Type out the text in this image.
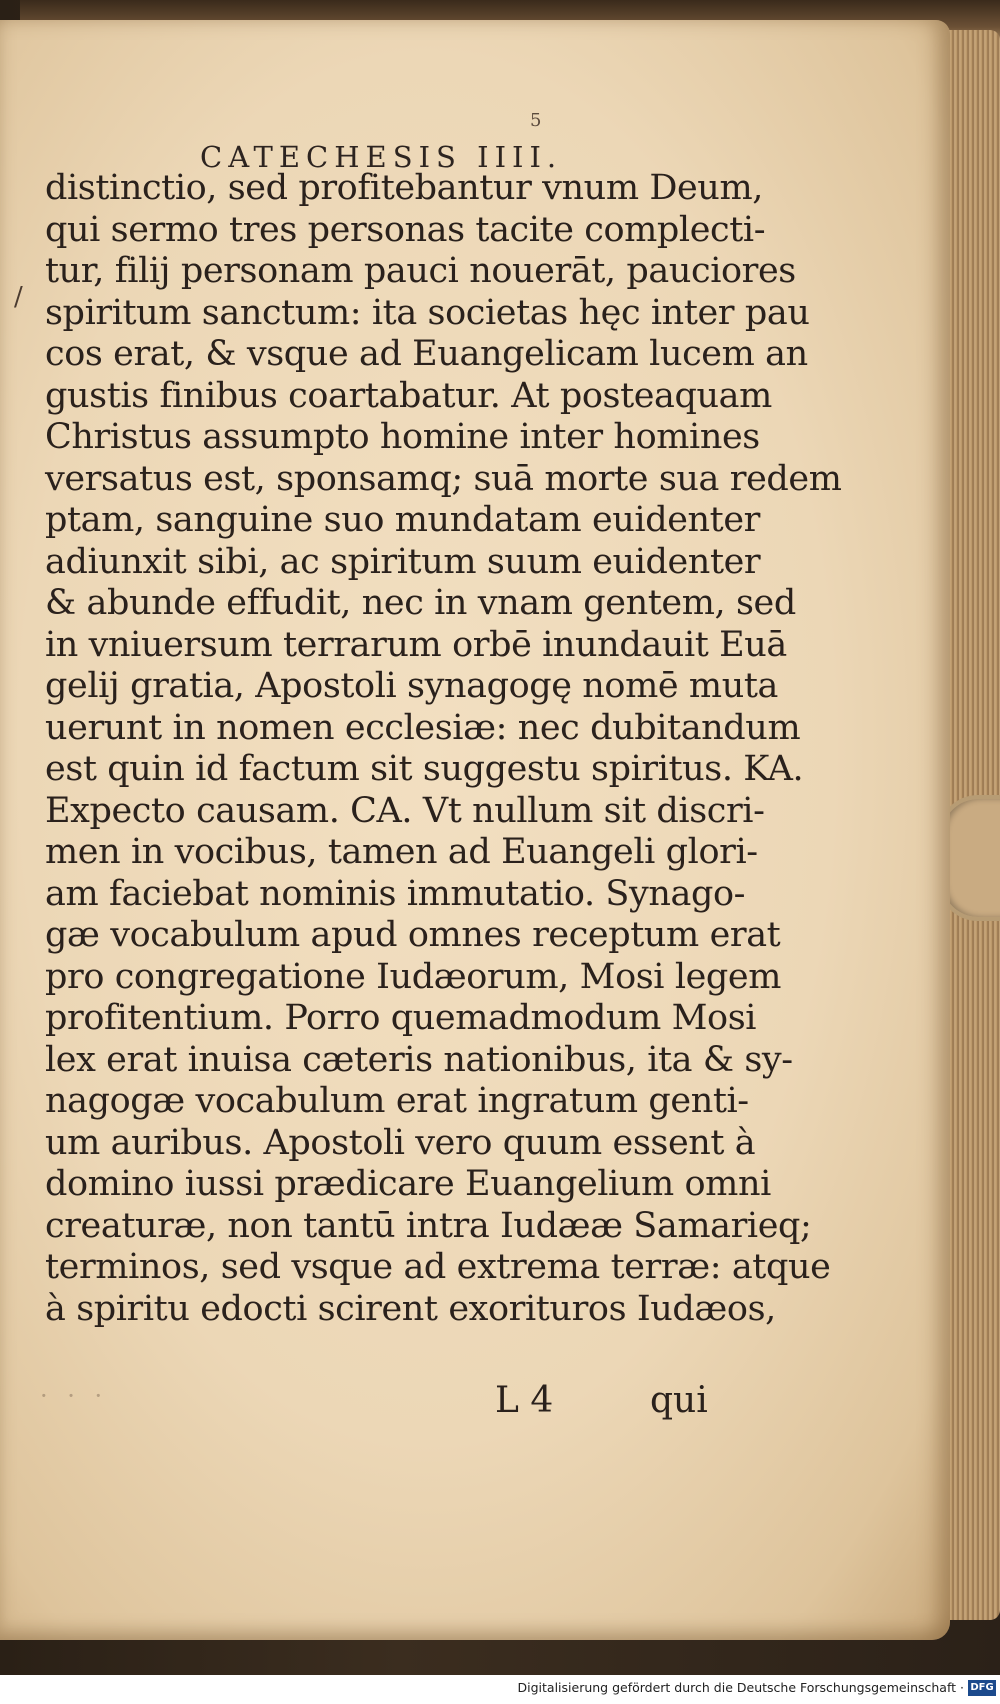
5
CATECHESIS IIII.
/
distinctio, sed profitebantur vnum Deum,
qui sermo tres personas tacite complecti-
tur, filij personam pauci nouerāt, pauciores
spiritum sanctum: ita societas hęc inter pau
cos erat, & vsque ad Euangelicam lucem an
gustis finibus coartabatur. At posteaquam
Christus assumpto homine inter homines
versatus est, sponsamq; suā morte sua redem
ptam, sanguine suo mundatam euidenter
adiunxit sibi, ac spiritum suum euidenter
& abunde effudit, nec in vnam gentem, sed
in vniuersum terrarum orbē inundauit Euā
gelij gratia, Apostoli synagogę nomē muta
uerunt in nomen ecclesiæ: nec dubitandum
est quin id factum sit suggestu spiritus. KA.
Expecto causam. CA. Vt nullum sit discri-
men in vocibus, tamen ad Euangeli glori-
am faciebat nominis immutatio. Synago-
gæ vocabulum apud omnes receptum erat
pro congregatione Iudæorum, Mosi legem
profitentium. Porro quemadmodum Mosi
lex erat inuisa cæteris nationibus, ita & sy-
nagogæ vocabulum erat ingratum genti-
um auribus. Apostoli vero quum essent à
domino iussi prædicare Euangelium omni
creaturæ, non tantū intra Iudææ Samarieq;
terminos, sed vsque ad extrema terræ: atque
à spiritu edocti scirent exorituros Iudæos,
· · ·	L 4	qui
Digitalisierung gefördert durch die Deutsche Forschungsgemeinschaft · DFG
